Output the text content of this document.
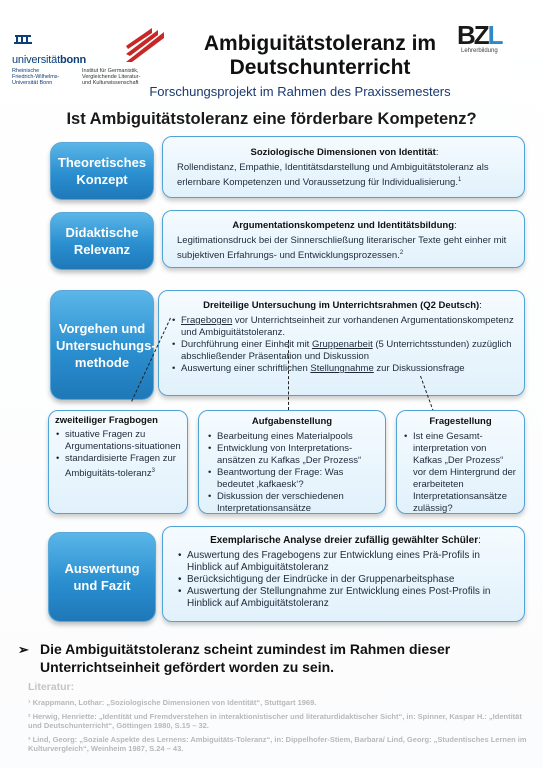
universitätbonn
Rheinische
Friedrich-Wilhelms-
Universität Bonn
Institut für Germanistik,
Vergleichende Literatur-
und Kulturwissenschaft
Ambiguitätstoleranz im Deutschunterricht
BZL
Lehrerbildung
Forschungsprojekt im Rahmen des Praxissemesters
Ist Ambiguitätstoleranz eine förderbare Kompetenz?
Theoretisches Konzept
Soziologische Dimensionen von Identität:
Rollendistanz, Empathie, Identitätsdarstellung und Ambiguitätstoleranz als erlernbare Kompetenzen und Voraussetzung für Individualisierung.$^1$
Didaktische Relevanz
Argumentationskompetenz und Identitätsbildung:
Legitimationsdruck bei der Sinnerschließung literarischer Texte geht einher mit subjektiven Erfahrungs- und Entwicklungsprozessen.$^2$
Vorgehen und Untersuchungs-methode
Dreiteilige Untersuchung im Unterrichtsrahmen (Q2 Deutsch):
• Fragebogen vor Unterrichtseinheit zur vorhandenen Argumentationskompetenz und Ambiguitätstoleranz.
• Durchführung einer Einheit mit Gruppenarbeit (5 Unterrichtsstunden) zuzüglich abschließender Präsentation und Diskussion
• Auswertung einer schriftlichen Stellungnahme zur Diskussionsfrage
zweiteiliger Fragbogen
• situative Fragen zu Argumentations-situationen
• standardisierte Fragen zur Ambiguitäts-toleranz$^3$
Aufgabenstellung
• Bearbeitung eines Materialpools
• Entwicklung von Interpretations-ansätzen zu Kafkas „Der Prozess“
• Beantwortung der Frage: Was bedeutet ‚kafkaesk‘?
• Diskussion der verschiedenen Interpretationsansätze
Fragestellung
• Ist eine Gesamt-interpretation von Kafkas „Der Prozess“ vor dem Hintergrund der erarbeiteten Interpretationsansätze zulässig?
Auswertung und Fazit
Exemplarische Analyse dreier zufällig gewählter Schüler:
• Auswertung des Fragebogens zur Entwicklung eines Prä-Profils in Hinblick auf Ambiguitätstoleranz
• Berücksichtigung der Eindrücke in der Gruppenarbeitsphase
• Auswertung der Stellungnahme zur Entwicklung eines Post-Profils in Hinblick auf Ambiguitätstoleranz
➢ Die Ambiguitätstoleranz scheint zumindest im Rahmen dieser Unterrichtseinheit gefördert worden zu sein.
Literatur:

¹ Krappmann, Lothar: „Soziologische Dimensionen von Identität“, Stuttgart 1969.

² Herwig, Henriette: „Identität und Fremdverstehen in interaktionistischer und literaturdidaktischer Sicht“, in: Spinner, Kaspar H.: „Identität und Deutschunterricht“, Göttingen 1980, S.15 – 32.

³ Lind, Georg: „Soziale Aspekte des Lernens: Ambiguitäts-Toleranz“, in: Dippelhofer-Stiem, Barbara/ Lind, Georg: „Studentisches Lernen im Kulturvergleich“, Weinheim 1987, S.24 – 43.
